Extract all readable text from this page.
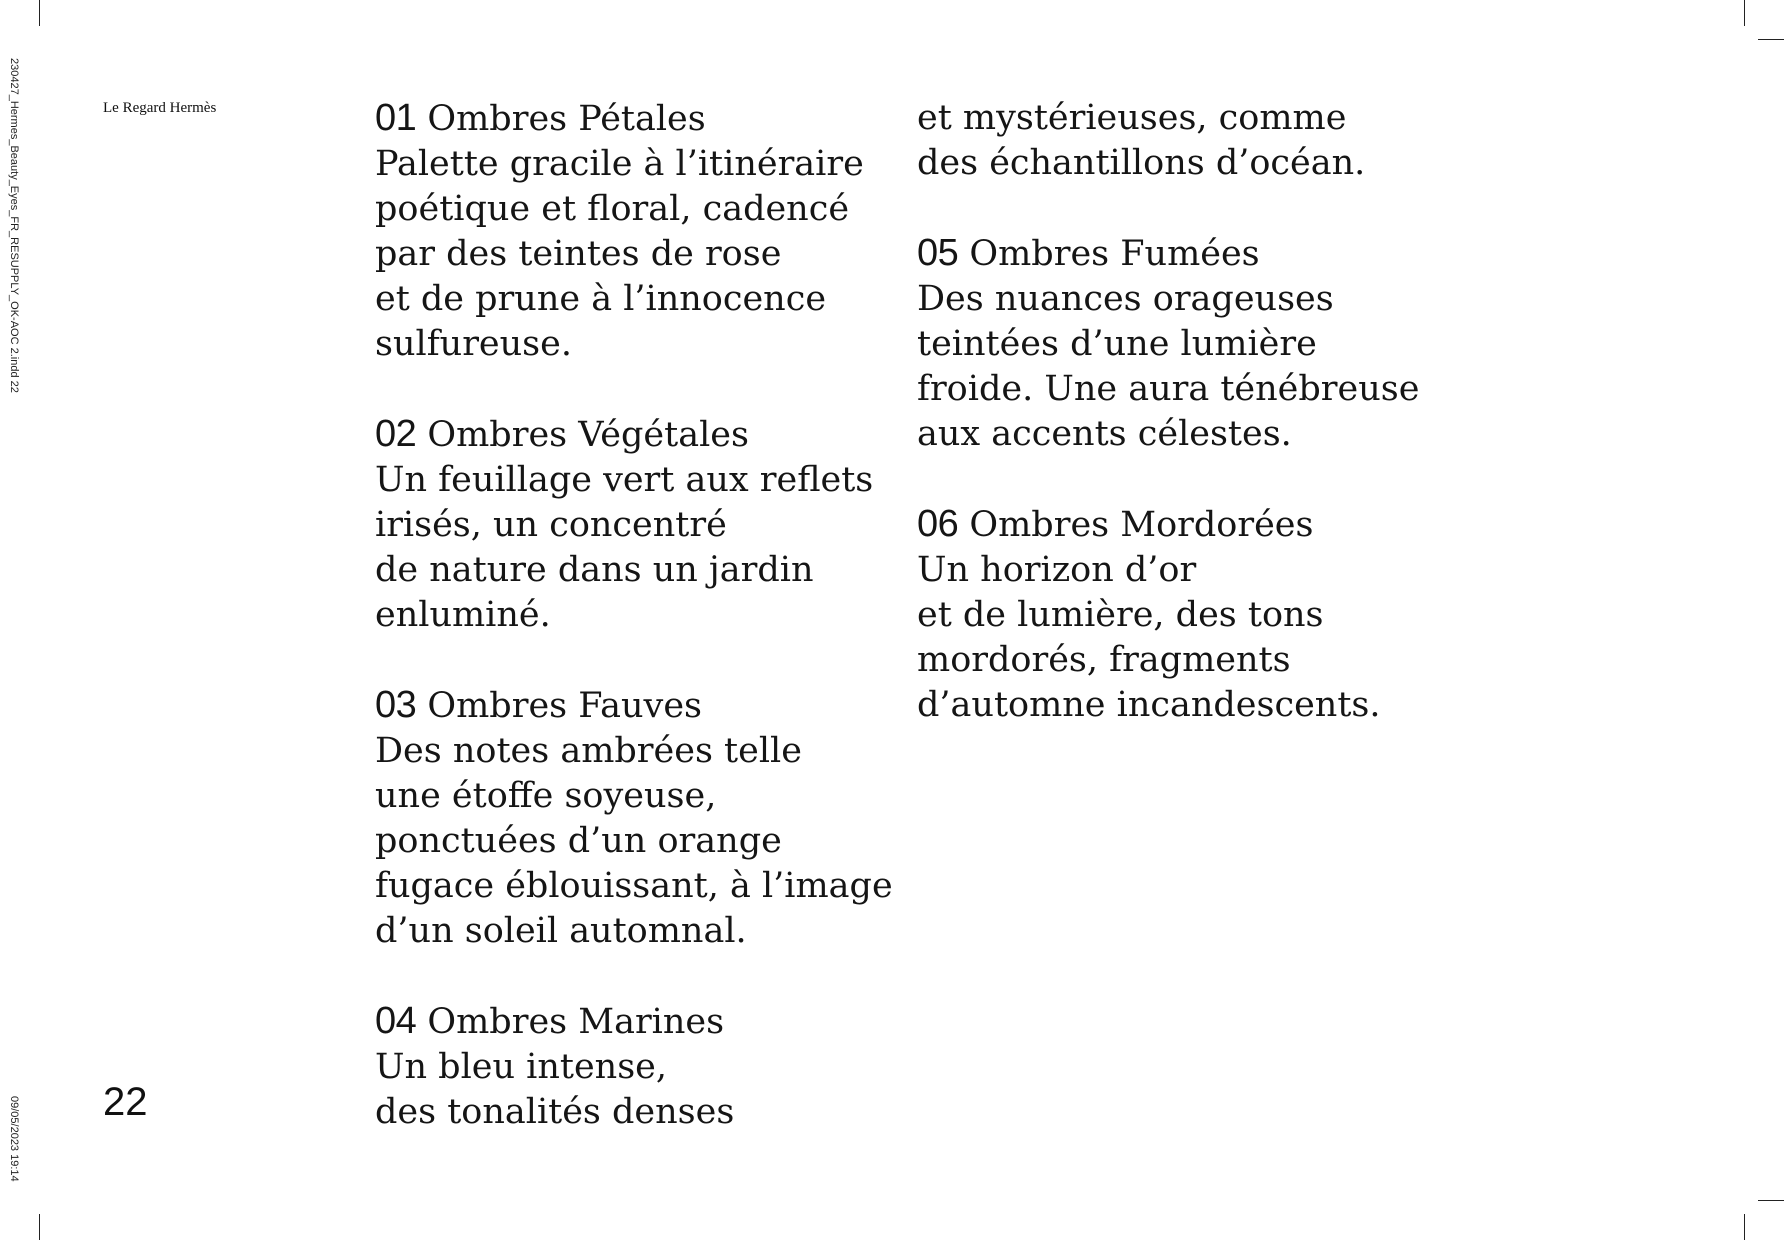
230427_Hermes_Beauty_Eyes_FR_RESUPPLY_OK-AOC 2.indd 22
09/05/2023 19:14
Le Regard Hermès
22
01 Ombres Pétales
Palette gracile à l’itinéraire
poétique et floral, cadencé
par des teintes de rose
et de prune à l’innocence
sulfureuse.
02 Ombres Végétales
Un feuillage vert aux reflets
irisés, un concentré
de nature dans un jardin
enluminé.
03 Ombres Fauves
Des notes ambrées telle
une étoffe soyeuse,
ponctuées d’un orange
fugace éblouissant, à l’image
d’un soleil automnal.
04 Ombres Marines
Un bleu intense,
des tonalités denses
et mystérieuses, comme
des échantillons d’océan.
05 Ombres Fumées
Des nuances orageuses
teintées d’une lumière
froide. Une aura ténébreuse
aux accents célestes.
06 Ombres Mordorées
Un horizon d’or
et de lumière, des tons
mordorés, fragments
d’automne incandescents.
